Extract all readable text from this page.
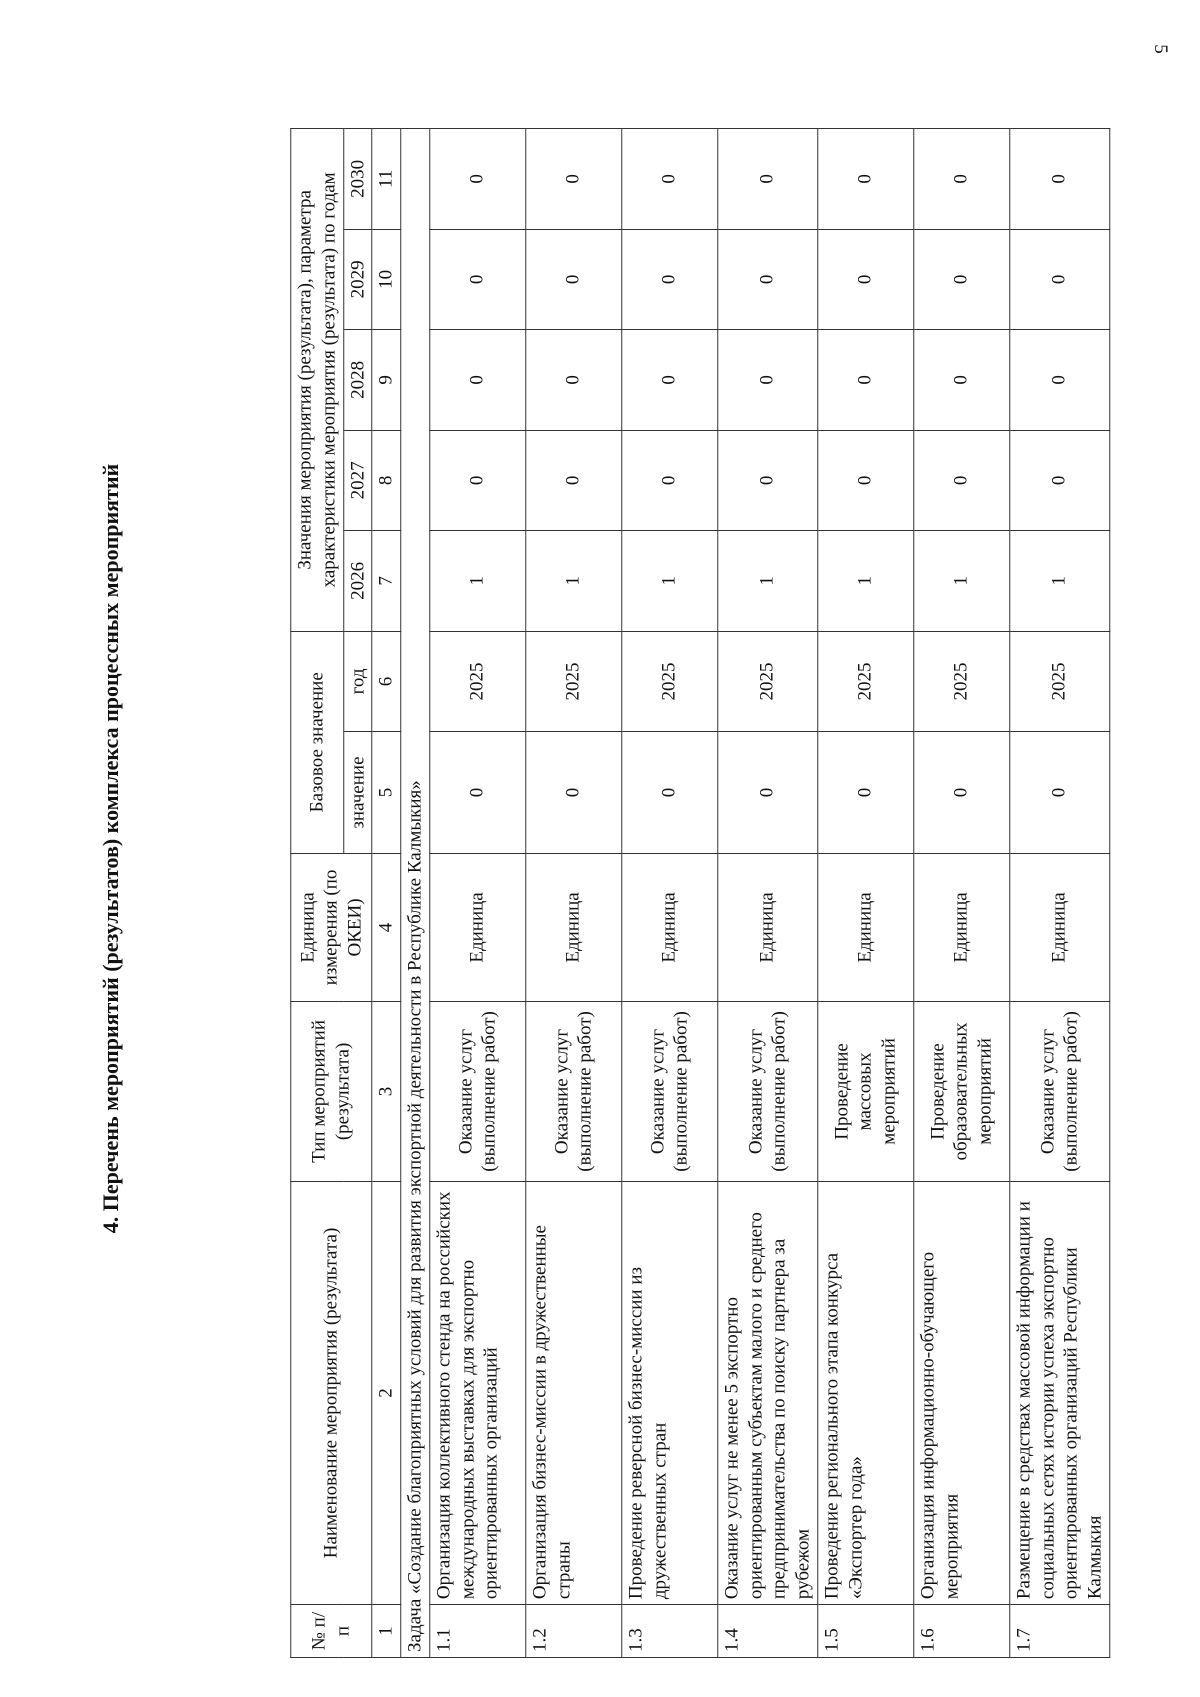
5
4. Перечень мероприятий (результатов) комплекса процессных мероприятий
№ п/п	Наименование мероприятия (результата)	Тип мероприятий (результата)	Единица измерения (по ОКЕИ)	Базовое значение		Значения мероприятия (результата), параметра характеристики мероприятия (результата) по годам				
				значение	год	2026	2027	2028	2029	2030
1	2	3	4	5	6	7	8	9	10	11
Задача «Создание благоприятных условий для развития экспортной деятельности в Республике Калмыкия»										
1.1	Организация коллективного стенда на российских международных выставках для экспортно ориентированных организаций	Оказание услуг (выполнение работ)	Единица	0	2025	1	0	0	0	0
1.2	Организация бизнес-миссии в дружественные страны	Оказание услуг (выполнение работ)	Единица	0	2025	1	0	0	0	0
1.3	Проведение реверсной бизнес-миссии из дружественных стран	Оказание услуг (выполнение работ)	Единица	0	2025	1	0	0	0	0
1.4	Оказание услуг не менее 5 экспортно ориентированным субъектам малого и среднего предпринимательства по поиску партнера за рубежом	Оказание услуг (выполнение работ)	Единица	0	2025	1	0	0	0	0
1.5	Проведение регионального этапа конкурса «Экспортер года»	Проведение массовых мероприятий	Единица	0	2025	1	0	0	0	0
1.6	Организация информационно-обучающего мероприятия	Проведение образовательных мероприятий	Единица	0	2025	1	0	0	0	0
1.7	Размещение в средствах массовой информации и социальных сетях истории успеха экспортно ориентированных организаций Республики Калмыкия	Оказание услуг (выполнение работ)	Единица	0	2025	1	0	0	0	0
